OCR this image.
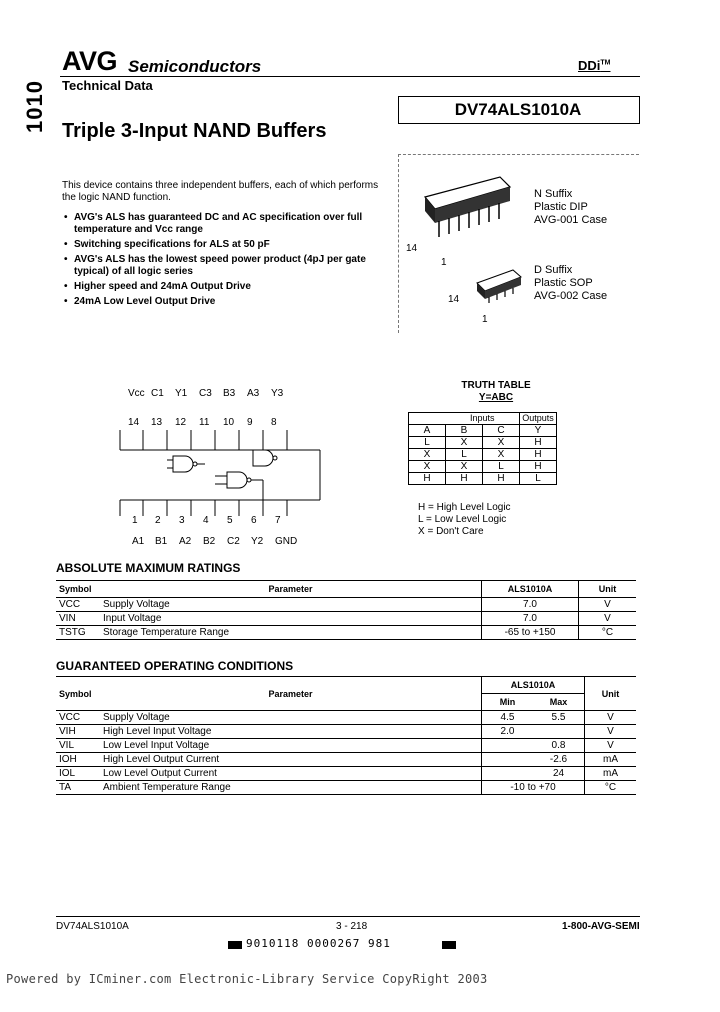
1010
AVG Semiconductors
Technical Data
DDi™
DV74ALS1010A
Triple 3-Input NAND Buffers
This device contains three independent buffers, each of which performs the logic NAND function.
• AVG's ALS has guaranteed DC and AC specification over full temperature and Vcc range
• Switching specifications for ALS at 50 pF
• AVG's ALS has the lowest speed power product (4pJ per gate typical) of all logic series
• Higher speed and 24mA Output Drive
• 24mA Low Level Output Drive
14
1
N Suffix
Plastic DIP
AVG-001 Case
14
1
D Suffix
Plastic SOP
AVG-002 Case
Vcc C1 Y1 C3 B3 A3 Y3
14 13 12 11 10 9 8
1 2 3 4 5 6 7
A1 B1 A2 B2 C2 Y2 GND
TRUTH TABLE
Y=ABC
	Inputs		Outputs
A	B	C	Y
L	X	X	H
X	L	X	H
X	X	L	H
H	H	H	L
H = High Level Logic
L = Low Level Logic
X = Don't Care
ABSOLUTE MAXIMUM RATINGS
Symbol	Parameter	ALS1010A	Unit
VCC	Supply Voltage	7.0	V
VIN	Input Voltage	7.0	V
TSTG	Storage Temperature Range	-65 to +150	°C
GUARANTEED OPERATING CONDITIONS
Symbol	Parameter	ALS1010A		Unit
		Min	Max	
VCC	Supply Voltage	4.5	5.5	V
VIH	High Level Input Voltage	2.0		V
VIL	Low Level Input Voltage		0.8	V
IOH	High Level Output Current		-2.6	mA
IOL	Low Level Output Current		24	mA
TA	Ambient Temperature Range	-10 to +70		°C
DV74ALS1010A	3 - 218	1-800-AVG-SEMI
9010118 0000267 981
Powered by ICminer.com Electronic-Library Service CopyRight 2003
